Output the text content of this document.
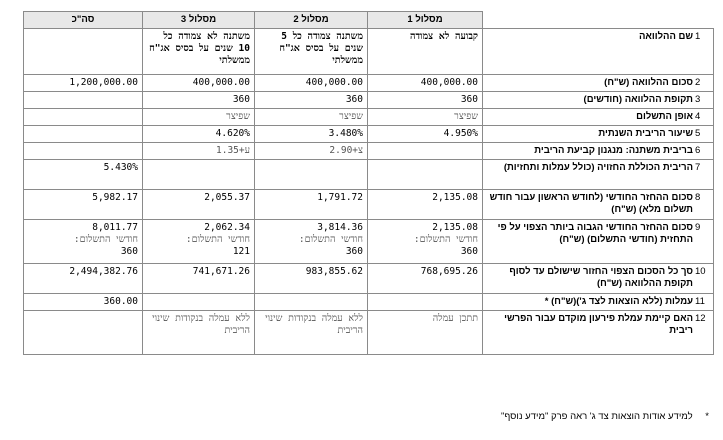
סה"כ	מסלול 3	מסלול 2	מסלול 1	
	משתנה לא צמודה כל 10 שנים על בסיס אג"ח ממשלתי	משתנה צמודה כל 5 שנים על בסיס אג"ח ממשלתי	קבועה לא צמודה	1
שם ההלוואה

1,200,000.00	400,000.00	400,000.00	400,000.00	2
סכום ההלוואה (ש"ח)

	360	360	360	3
תקופת ההלוואה (חודשים)

	שפיצר	שפיצר	שפיצר	4
אופן התשלום

	4.620%	3.480%	4.950%	5
שיעור הריבית השנתית

	ע+1.35	צ+2.90		6
בריבית משתנה: מנגנון קביעת הריבית

5.430%				7
הריבית הכוללת החזויה (כולל עמלות ותחזיות)

5,982.17	2,055.37	1,791.72	2,135.08	8
סכום ההחזר החודשי (לחודש הראשון עבור חודש תשלום מלא) (ש"ח)

8,011.77
חודשי התשלום:
360	2,062.34
חודשי התשלום:
121	3,814.36
חודשי התשלום:
360	2,135.08
חודשי התשלום:
360	9
סכום ההחזר החודשי הגבוה ביותר הצפוי על פי התחזית (חודשי התשלום) (ש"ח)

2,494,382.76	741,671.26	983,855.62	768,695.26	10
סך כל הסכום הצפוי החזור שישולם עד לסוף תקופת ההלוואה (ש"ח)

360.00				11
עמלות (ללא הוצאות לצד ג')(ש"ח) *

	ללא עמלה בנקודות שינוי הריבית	ללא עמלה בנקודות שינוי הריבית	תתכן עמלה	12
האם קיימת עמלת פירעון מוקדם עבור הפרשי ריבית
* למידע אודות הוצאות צד ג' ראה פרק "מידע נוסף"
